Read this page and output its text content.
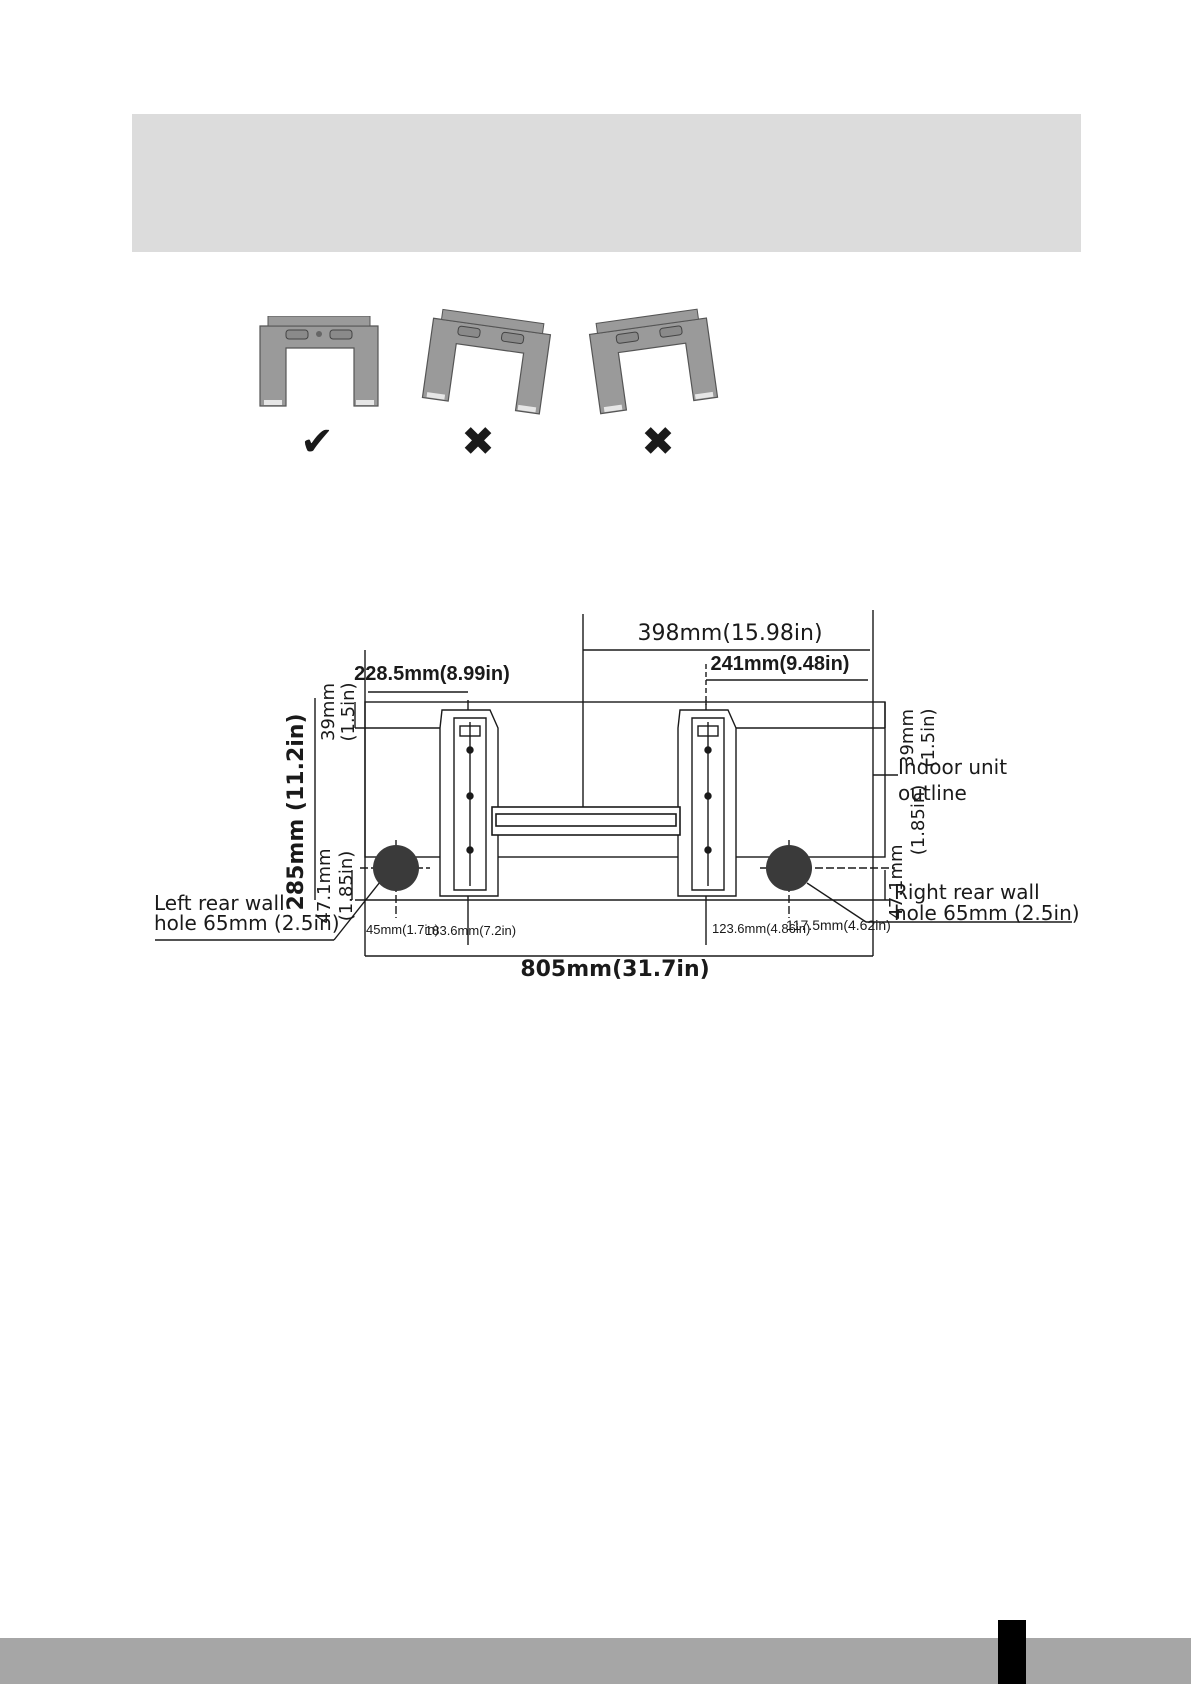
✔	✖	✖
398mm(15.98in)
228.5mm(8.99in)	241mm(9.48in)
39mm (1.5in)
285mm (11.2in) 47.1mm (1.85in)
39mm (1.5in)
47.1mm
(1.85in)
Indoor unit
outline
Left rear wall
hole 65mm (2.5in)
Right rear wall
hole 65mm (2.5in)
45mm(1.7in)
183.6mm(7.2in)	123.6mm(4.86in)
117.5mm(4.62in)
805mm(31.7in)
